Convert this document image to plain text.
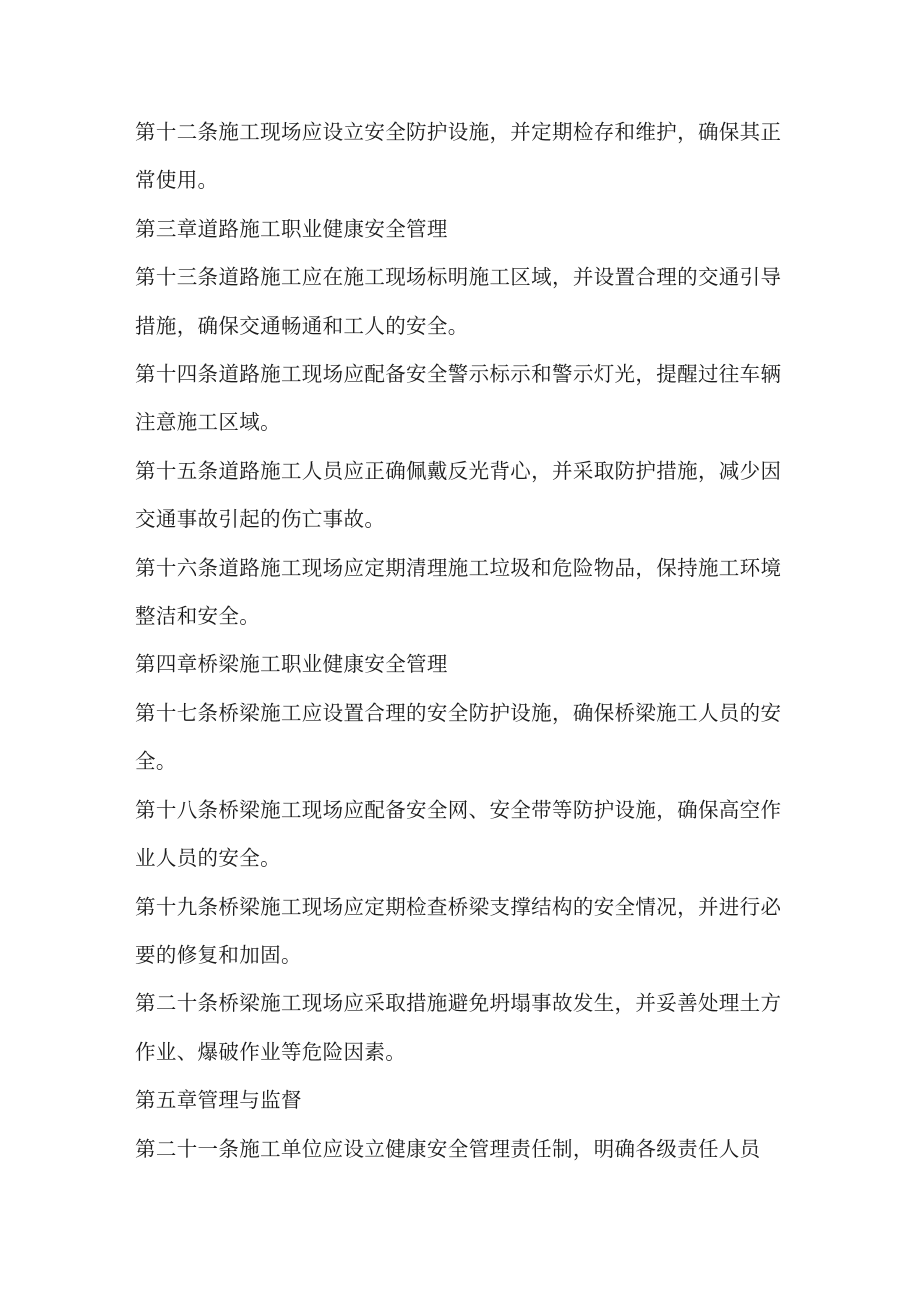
第十二条施工现场应设立安全防护设施，并定期检存和维护，确保其正常使用。

第三章道路施工职业健康安全管理

第十三条道路施工应在施工现场标明施工区域，并设置合理的交通引导措施，确保交通畅通和工人的安全。

第十四条道路施工现场应配备安全警示标示和警示灯光，提醒过往车辆注意施工区域。

第十五条道路施工人员应正确佩戴反光背心，并采取防护措施，减少因交通事故引起的伤亡事故。

第十六条道路施工现场应定期清理施工垃圾和危险物品，保持施工环境整洁和安全。

第四章桥梁施工职业健康安全管理

第十七条桥梁施工应设置合理的安全防护设施，确保桥梁施工人员的安全。

第十八条桥梁施工现场应配备安全网、安全带等防护设施，确保高空作业人员的安全。

第十九条桥梁施工现场应定期检查桥梁支撑结构的安全情况，并进行必要的修复和加固。

第二十条桥梁施工现场应采取措施避免坍塌事故发生，并妥善处理土方作业、爆破作业等危险因素。

第五章管理与监督

第二十一条施工单位应设立健康安全管理责任制，明确各级责任人员
